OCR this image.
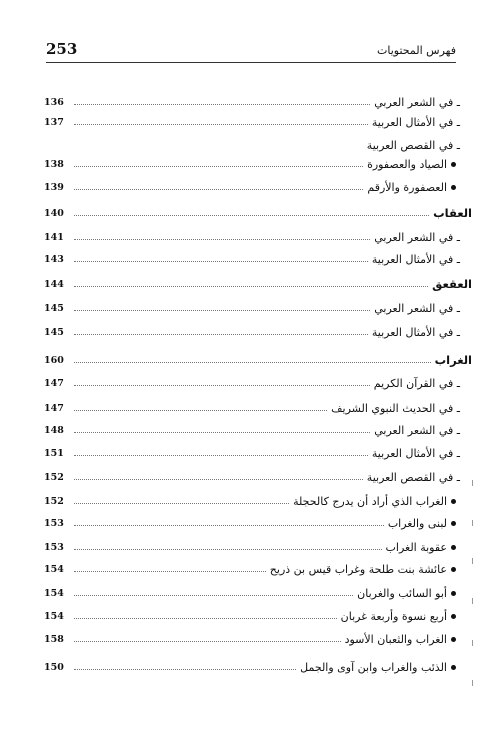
253	فهرس المحتويات
ـ في الشعر العربي
136
ـ في الأمثال العربية
137
ـ في القصص العربية
الصياد والعصفورة
138
العصفورة والأرقم
139
العقاب
140
ـ في الشعر العربي
141
ـ في الأمثال العربية
143
العقعق
144
ـ في الشعر العربي
145
ـ في الأمثال العربية
145
الغراب
160
ـ في القرآن الكريم
147
ـ في الحديث النبوي الشريف
147
ـ في الشعر العربي
148
ـ في الأمثال العربية
151
ـ في القصص العربية
152
الغراب الذي أراد أن يدرج كالحجلة
152
لبنى والغراب
153
عقوبة الغراب
153
عائشة بنت طلحة وغراب قيس بن ذريح
154
أبو السائب والغربان
154
أربع نسوة وأربعة غربان
154
الغراب والثعبان الأسود
158
الذئب والغراب وابن آوى والجمل
150
